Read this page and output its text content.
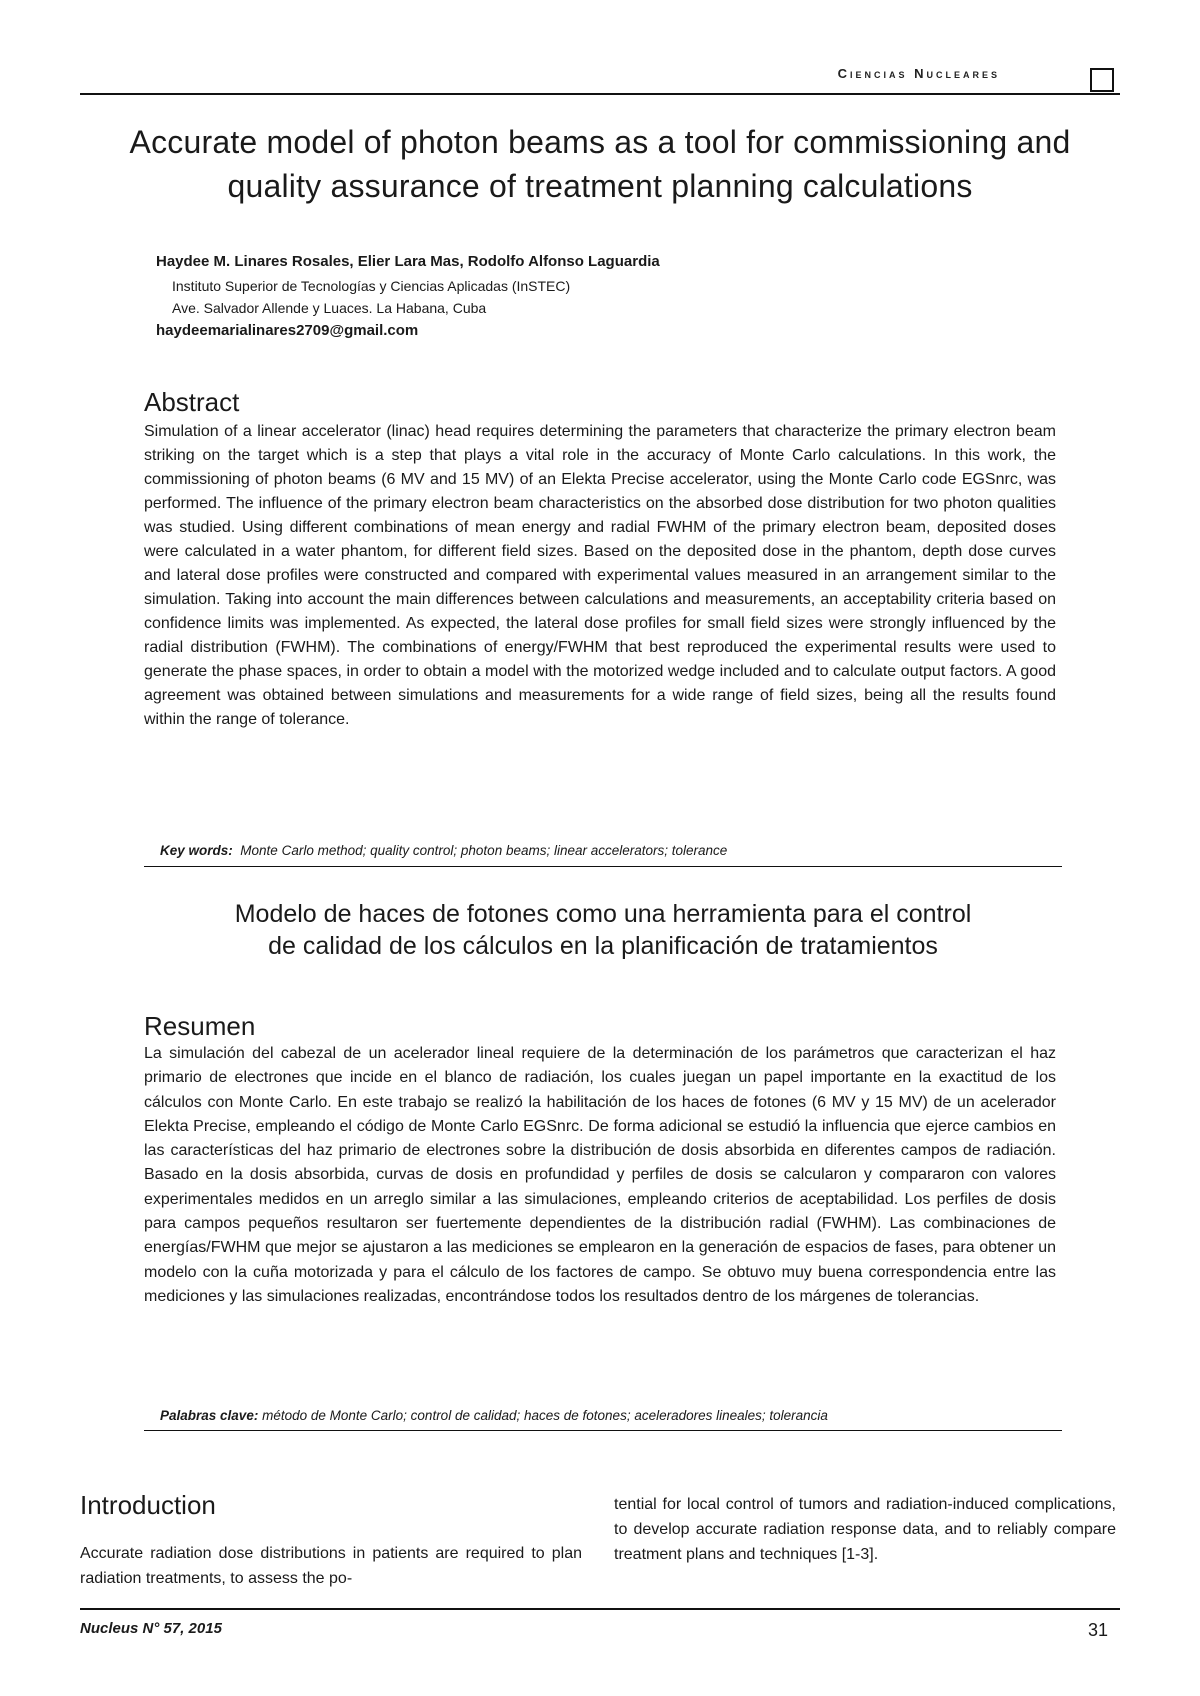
Ciencias Nucleares
Accurate model of photon beams as a tool for commissioning and quality assurance of treatment planning calculations
Haydee M. Linares Rosales, Elier Lara Mas, Rodolfo Alfonso Laguardia
Instituto Superior de Tecnologías y Ciencias Aplicadas (InSTEC)
Ave. Salvador Allende y Luaces. La Habana, Cuba
haydeemarialinares2709@gmail.com
Abstract

Simulation of a linear accelerator (linac) head requires determining the parameters that characterize the primary electron beam striking on the target which is a step that plays a vital role in the accuracy of Monte Carlo calculations. In this work, the commissioning of photon beams (6 MV and 15 MV) of an Elekta Precise accelerator, using the Monte Carlo code EGSnrc, was performed. The influence of the primary electron beam characteristics on the absorbed dose distribution for two photon qualities was studied. Using different combinations of mean energy and radial FWHM of the primary electron beam, deposited doses were calculated in a water phantom, for different field sizes. Based on the deposited dose in the phantom, depth dose curves and lateral dose profiles were constructed and compared with experimental values measured in an arrangement similar to the simulation. Taking into account the main differences between calculations and measurements, an acceptability criteria based on confidence limits was implemented. As expected, the lateral dose profiles for small field sizes were strongly influenced by the radial distribution (FWHM). The combinations of energy/FWHM that best reproduced the experimental results were used to generate the phase spaces, in order to obtain a model with the motorized wedge included and to calculate output factors. A good agreement was obtained between simulations and measurements for a wide range of field sizes, being all the results found within the range of tolerance.

Key words: Monte Carlo method; quality control; photon beams; linear accelerators; tolerance
Modelo de haces de fotones como una herramienta para el control
de calidad de los cálculos en la planificación de tratamientos
Resumen

La simulación del cabezal de un acelerador lineal requiere de la determinación de los parámetros que caracterizan el haz primario de electrones que incide en el blanco de radiación, los cuales juegan un papel importante en la exactitud de los cálculos con Monte Carlo. En este trabajo se realizó la habilitación de los haces de fotones (6 MV y 15 MV) de un acelerador Elekta Precise, empleando el código de Monte Carlo EGSnrc. De forma adicional se estudió la influencia que ejerce cambios en las características del haz primario de electrones sobre la distribución de dosis absorbida en diferentes campos de radiación. Basado en la dosis absorbida, curvas de dosis en profundidad y perfiles de dosis se calcularon y compararon con valores experimentales medidos en un arreglo similar a las simulaciones, empleando criterios de aceptabilidad. Los perfiles de dosis para campos pequeños resultaron ser fuertemente dependientes de la distribución radial (FWHM). Las combinaciones de energías/FWHM que mejor se ajustaron a las mediciones se emplearon en la generación de espacios de fases, para obtener un modelo con la cuña motorizada y para el cálculo de los factores de campo. Se obtuvo muy buena correspondencia entre las mediciones y las simulaciones realizadas, encontrándose todos los resultados dentro de los márgenes de tolerancias.

Palabras clave: método de Monte Carlo; control de calidad; haces de fotones; aceleradores lineales; tolerancia
Introduction

Accurate radiation dose distributions in patients are required to plan radiation treatments, to assess the po-

tential for local control of tumors and radiation-induced complications, to develop accurate radiation response data, and to reliably compare treatment plans and techniques [1-3].

Nucleus N° 57, 2015	31
